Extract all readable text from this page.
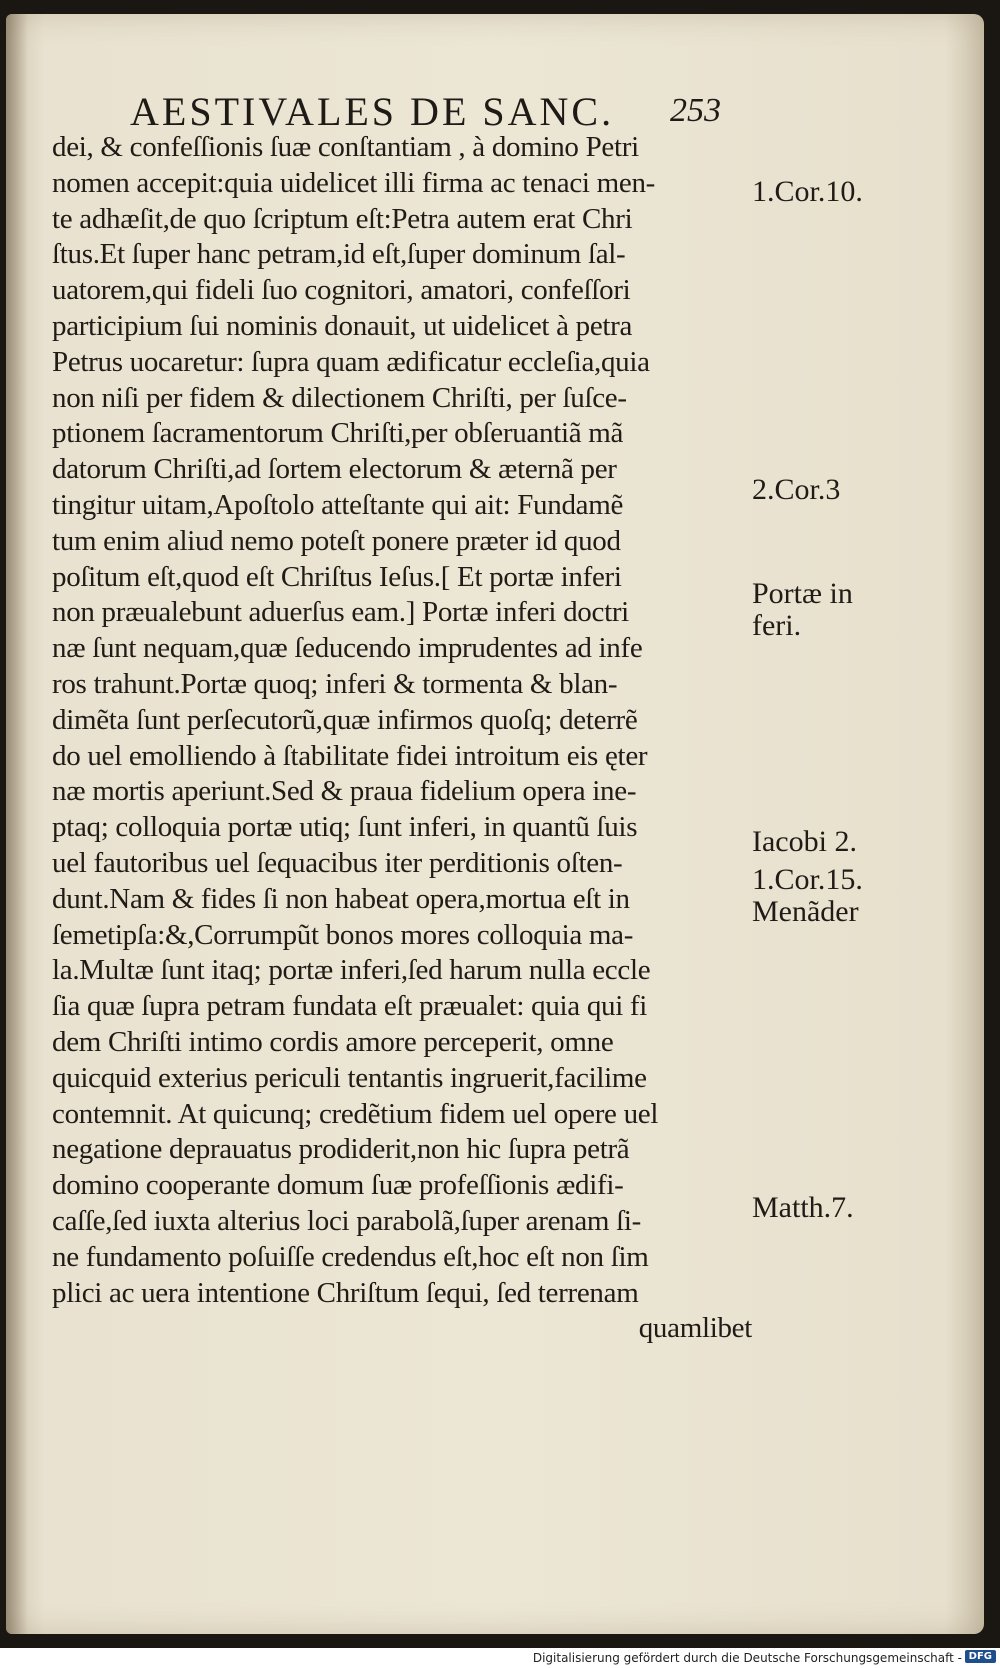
AESTIVALES DE SANC. 253
dei, & confeſſionis ſuæ conſtantiam , à domino Petri
nomen accepit:quia uidelicet illi firma ac tenaci men-
te adhæſit,de quo ſcriptum eſt:Petra autem erat Chri
ſtus.Et ſuper hanc petram,id eſt,ſuper dominum ſal-
uatorem,qui fideli ſuo cognitori, amatori, confeſſori
participium ſui nominis donauit, ut uidelicet à petra
Petrus uocaretur: ſupra quam ædificatur eccleſia,quia
non niſi per fidem & dilectionem Chriſti, per ſuſce-
ptionem ſacramentorum Chriſti,per obſeruantiã mã
datorum Chriſti,ad ſortem electorum & æternã per
tingitur uitam,Apoſtolo atteſtante qui ait: Fundamẽ
tum enim aliud nemo poteſt ponere præter id quod
poſitum eſt,quod eſt Chriſtus Ieſus.[ Et portæ inferi
non præualebunt aduerſus eam.] Portæ inferi doctri
næ ſunt nequam,quæ ſeducendo imprudentes ad infe
ros trahunt.Portæ quoq; inferi & tormenta & blan-
dimẽta ſunt perſecutorũ,quæ infirmos quoſq; deterrẽ
do uel emolliendo à ſtabilitate fidei introitum eis ęter
næ mortis aperiunt.Sed & praua fidelium opera ine-
ptaq; colloquia portæ utiq; ſunt inferi, in quantũ ſuis
uel fautoribus uel ſequacibus iter perditionis oſten-
dunt.Nam & fides ſi non habeat opera,mortua eſt in
ſemetipſa:&,Corrumpũt bonos mores colloquia ma-
la.Multæ ſunt itaq; portæ inferi,ſed harum nulla eccle
ſia quæ ſupra petram fundata eſt præualet: quia qui fi
dem Chriſti intimo cordis amore perceperit, omne
quicquid exterius periculi tentantis ingruerit,facilime
contemnit. At quicunq; credẽtium fidem uel opere uel
negatione deprauatus prodiderit,non hic ſupra petrã
domino cooperante domum ſuæ profeſſionis ædifi-
caſſe,ſed iuxta alterius loci parabolã,ſuper arenam ſi-
ne fundamento poſuiſſe credendus eſt,hoc eſt non ſim
plici ac uera intentione Chriſtum ſequi, ſed terrenam
quamlibet
1.Cor.10.
2.Cor.3
Portæ in
feri.
Iacobi 2.
1.Cor.15.
Menãder
Matth.7.
Digitalisierung gefördert durch die Deutsche Forschungsgemeinschaft - DFG
